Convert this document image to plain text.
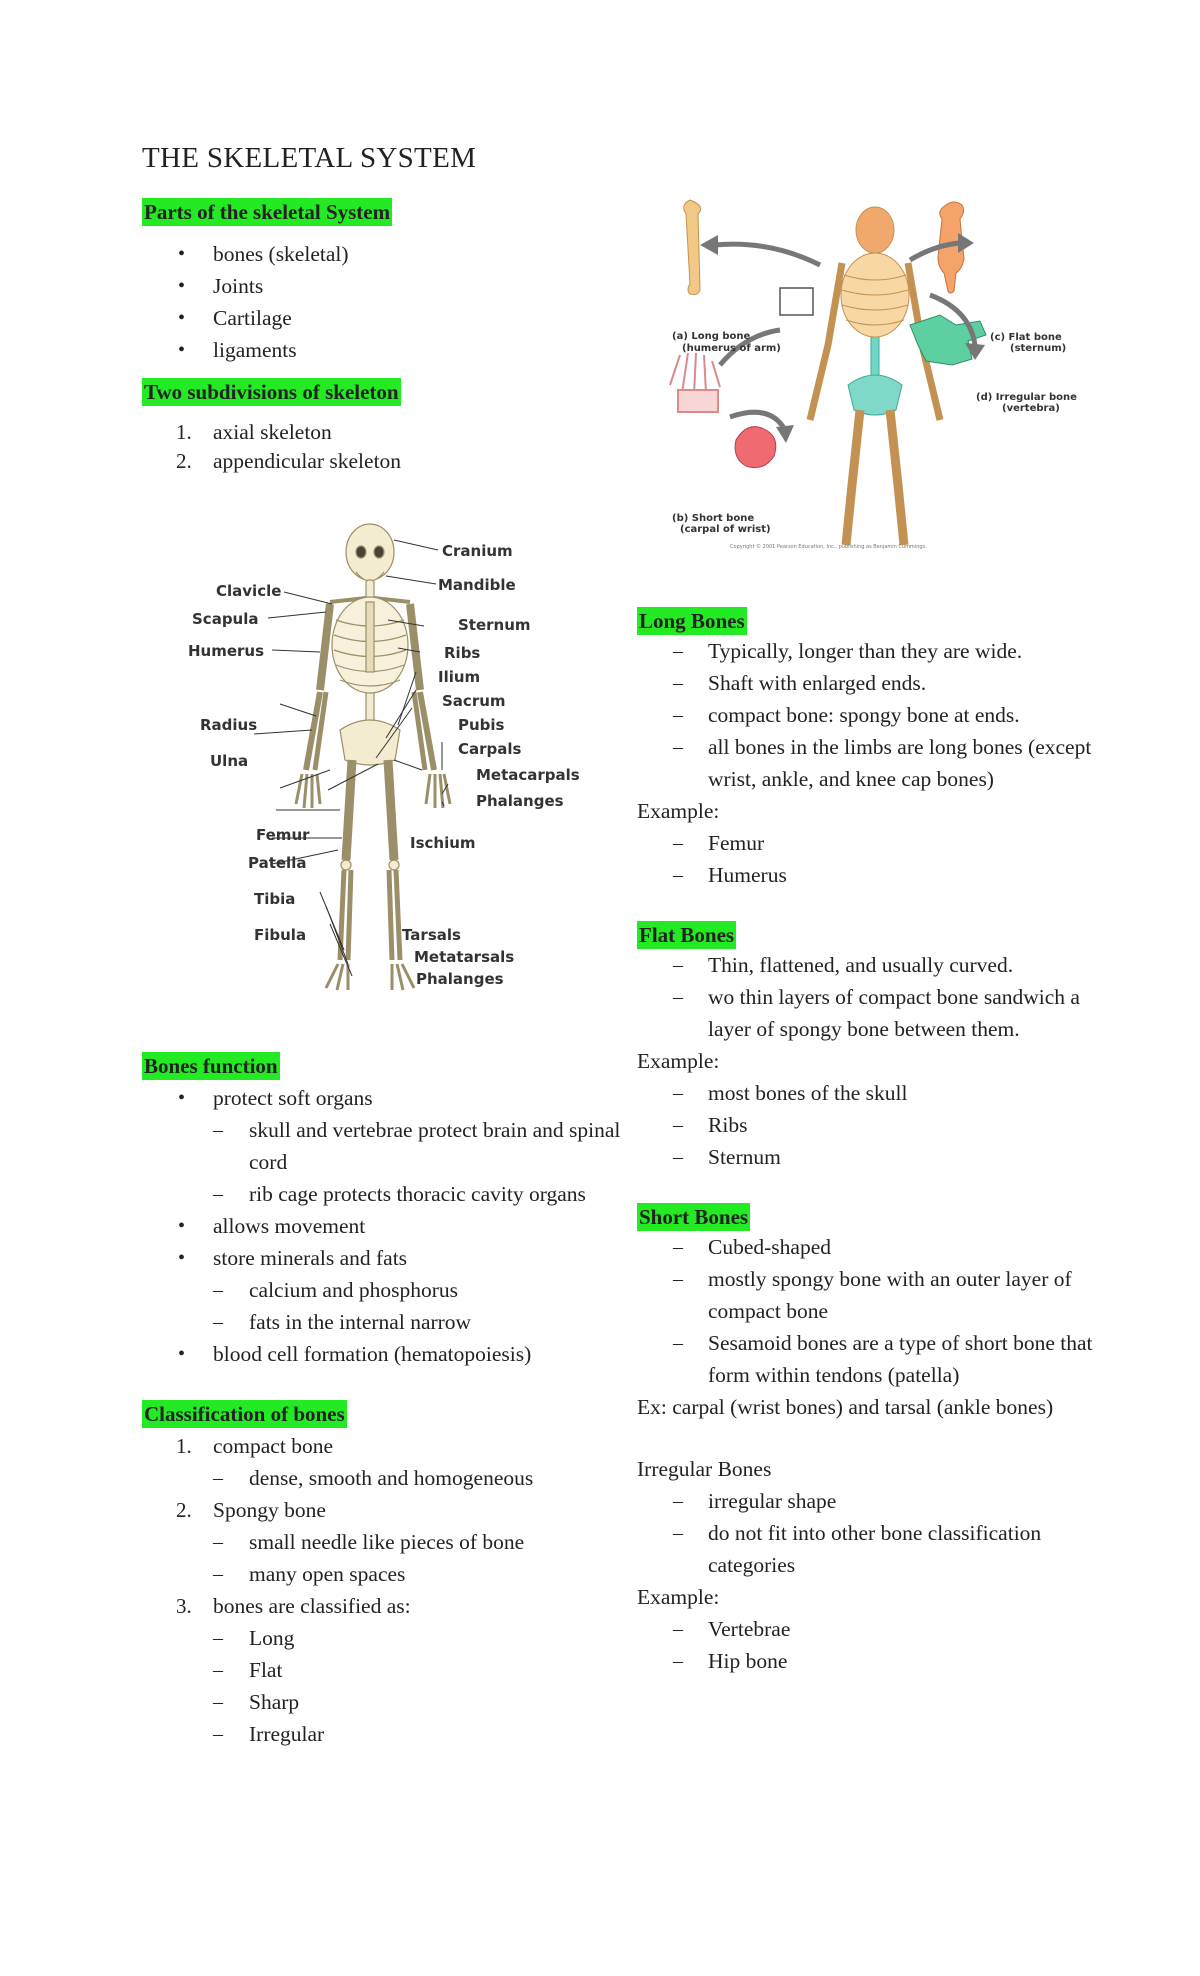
THE SKELETAL SYSTEM
Parts of the skeletal System
• bones (skeletal)
• Joints
• Cartilage
• ligaments
Two subdivisions of skeleton
1. axial skeleton
2. appendicular skeleton
Cranium
Mandible
Clavicle
Scapula	Sternum
Ribs
Humerus
Ilium
Sacrum
Radius	Pubis
Carpals
Ulna
Metacarpals
Phalanges
Femur	Ischium
Patella
Tibia
Fibula	Tarsals
Metatarsals
Phalanges
Bones function
• protect soft organs
– skull and vertebrae protect brain and spinal cord
– rib cage protects thoracic cavity organs
• allows movement
• store minerals and fats
– calcium and phosphorus
– fats in the internal narrow
• blood cell formation (hematopoiesis)
Classification of bones
1. compact bone
– dense, smooth and homogeneous
2. Spongy bone
– small needle like pieces of bone
– many open spaces
3. bones are classified as:
– Long
– Flat
– Sharp
– Irregular
(a) Long bone
(humerus of arm)
(c) Flat bone
(sternum)
(d) Irregular bone
(vertebra)
(b) Short bone
(carpal of wrist)
Copyright © 2001 Pearson Education, Inc., publishing as Benjamin Cummings.
Long Bones
– Typically, longer than they are wide.
– Shaft with enlarged ends.
– compact bone: spongy bone at ends.
– all bones in the limbs are long bones (except wrist, ankle, and knee cap bones)
Example:
– Femur
– Humerus
Flat Bones
– Thin, flattened, and usually curved.
– wo thin layers of compact bone sandwich a layer of spongy bone between them.
Example:
– most bones of the skull
– Ribs
– Sternum
Short Bones
– Cubed-shaped
– mostly spongy bone with an outer layer of compact bone
– Sesamoid bones are a type of short bone that form within tendons (patella)
Ex: carpal (wrist bones) and tarsal (ankle bones)
Irregular Bones
– irregular shape
– do not fit into other bone classification categories
Example:
– Vertebrae
– Hip bone
